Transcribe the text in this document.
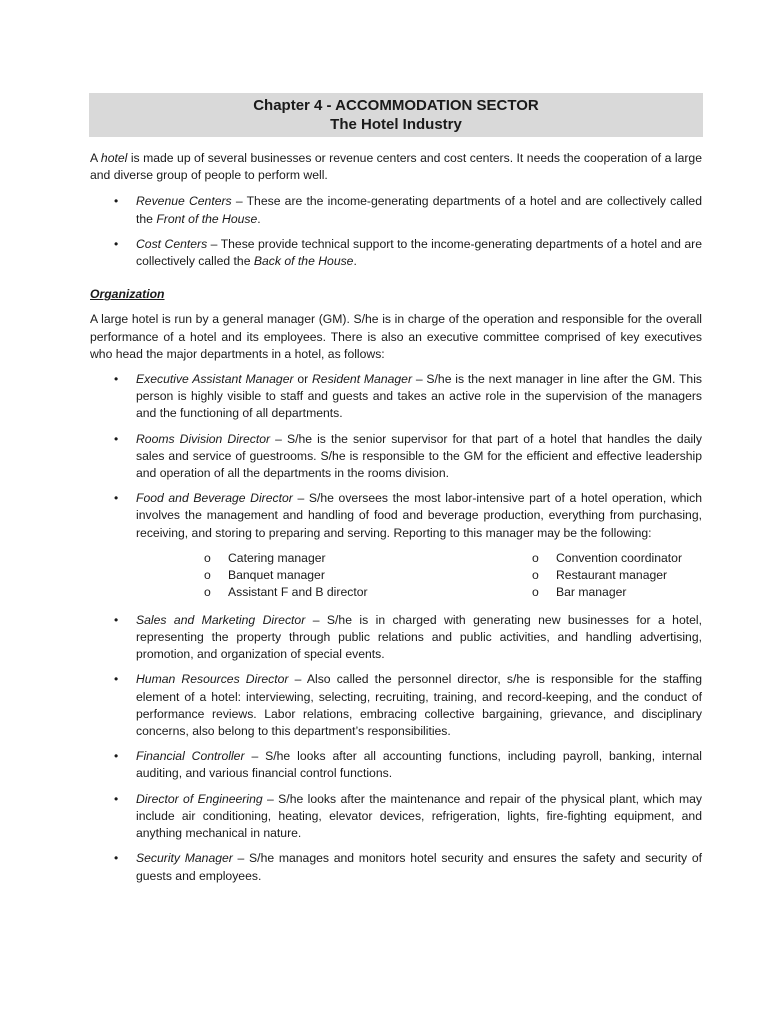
Chapter 4 - ACCOMMODATION SECTOR
The Hotel Industry

A hotel is made up of several businesses or revenue centers and cost centers. It needs the cooperation of a large and diverse group of people to perform well.

• Revenue Centers – These are the income-generating departments of a hotel and are collectively called the Front of the House.
• Cost Centers – These provide technical support to the income-generating departments of a hotel and are collectively called the Back of the House.
Organization

A large hotel is run by a general manager (GM). S/he is in charge of the operation and responsible for the overall performance of a hotel and its employees. There is also an executive committee comprised of key executives who head the major departments in a hotel, as follows:

• Executive Assistant Manager or Resident Manager – S/he is the next manager in line after the GM. This person is highly visible to staff and guests and takes an active role in the supervision of the managers and the functioning of all departments.
• Rooms Division Director – S/he is the senior supervisor for that part of a hotel that handles the daily sales and service of guestrooms. S/he is responsible to the GM for the efficient and effective leadership and operation of all the departments in the rooms division.
• Food and Beverage Director – S/he oversees the most labor-intensive part of a hotel operation, which involves the management and handling of food and beverage production, everything from purchasing, receiving, and storing to preparing and serving. Reporting to this manager may be the following:
o Catering manager	o Convention coordinator
o Banquet manager	o Restaurant manager
o Assistant F and B director	o Bar manager
• Sales and Marketing Director – S/he is in charged with generating new businesses for a hotel, representing the property through public relations and public activities, and handling advertising, promotion, and organization of special events.
• Human Resources Director – Also called the personnel director, s/he is responsible for the staffing element of a hotel: interviewing, selecting, recruiting, training, and record-keeping, and the conduct of performance reviews. Labor relations, embracing collective bargaining, grievance, and disciplinary concerns, also belong to this department’s responsibilities.
• Financial Controller – S/he looks after all accounting functions, including payroll, banking, internal auditing, and various financial control functions.
• Director of Engineering – S/he looks after the maintenance and repair of the physical plant, which may include air conditioning, heating, elevator devices, refrigeration, lights, fire-fighting equipment, and anything mechanical in nature.
• Security Manager – S/he manages and monitors hotel security and ensures the safety and security of guests and employees.
